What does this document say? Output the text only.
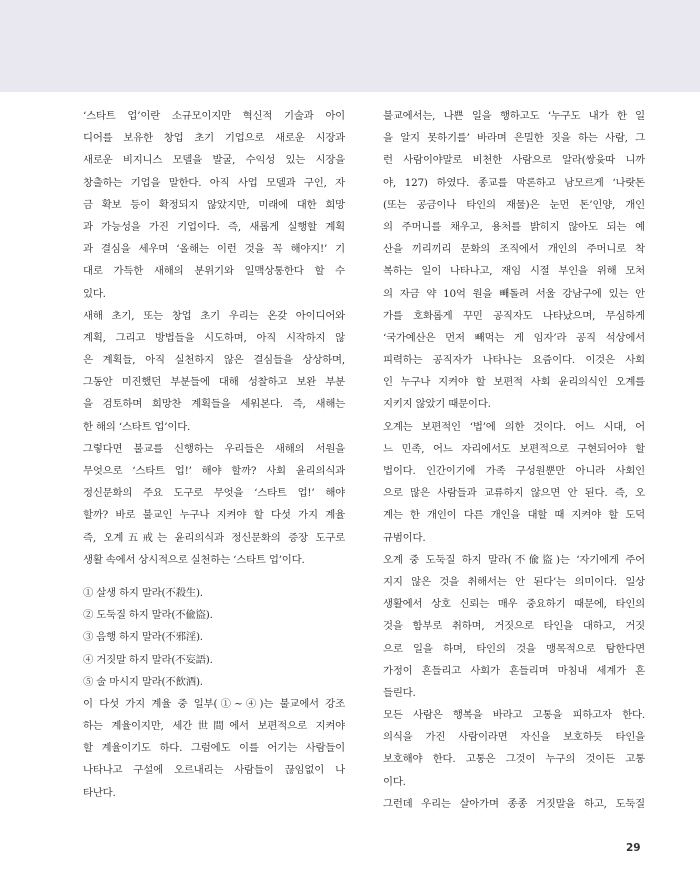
‘스타트 업’이란 소규모이지만 혁신적 기술과 아이
디어를 보유한 창업 초기 기업으로 새로운 시장과
새로운 비지니스 모델을 발굴, 수익성 있는 시장을
창출하는 기업을 말한다. 아직 사업 모델과 구인, 자
금 확보 등이 확정되지 않았지만, 미래에 대한 희망
과 가능성을 가진 기업이다. 즉, 새롭게 실행할 계획
과 결심을 세우며 ‘올해는 이런 것을 꼭 해야지!’ 기
대로 가득한 새해의 분위기와 일맥상통한다 할 수
있다.
새해 초기, 또는 창업 초기 우리는 온갖 아이디어와
계획, 그리고 방법들을 시도하며, 아직 시작하지 않
은 계획들, 아직 실천하지 않은 결심들을 상상하며,
그동안 미진했던 부분들에 대해 성찰하고 보완 부분
을 검토하며 희망찬 계획들을 세워본다. 즉, 새해는
한 해의 ‘스타트 업’이다.
그렇다면 불교를 신행하는 우리들은 새해의 서원을
무엇으로 ‘스타트 업!’ 해야 할까? 사회 윤리의식과
정신문화의 주요 도구로 무엇을 ‘스타트 업!’ 해야
할까? 바로 불교인 누구나 지켜야 할 다섯 가지 계율
즉, 오계五戒는 윤리의식과 정신문화의 증장 도구로
생활 속에서 상시적으로 실천하는 ‘스타트 업’이다.
① 살생 하지 말라(不殺生).
② 도둑질 하지 말라(不偸盜).
③ 음행 하지 말라(不邪淫).
④ 거짓말 하지 말라(不妄語).
⑤ 술 마시지 말라(不飮酒).
이 다섯 가지 계율 중 일부(①~④)는 불교에서 강조
하는 계율이지만, 세간世間에서 보편적으로 지켜야
할 계율이기도 하다. 그럼에도 이를 어기는 사람들이
나타나고 구설에 오르내리는 사람들이 끊임없이 나
타난다.
불교에서는, 나쁜 일을 행하고도 ‘누구도 내가 한 일
을 알지 못하기를’ 바라며 은밀한 짓을 하는 사람, 그
런 사람이야말로 비천한 사람으로 알라(쌍윳따 니까
야, 127) 하였다. 종교를 막론하고 남모르게 ‘나랏돈
(또는 공금이나 타인의 재물)은 눈먼 돈’인양, 개인
의 주머니를 채우고, 용처를 밝히지 않아도 되는 예
산을 끼리끼리 문화의 조직에서 개인의 주머니로 착
복하는 일이 나타나고, 재임 시절 부인을 위해 모처
의 자금 약 10억 원을 빼돌려 서울 강남구에 있는 안
가를 호화롭게 꾸민 공직자도 나타났으며, 무심하게
‘국가예산은 먼저 빼먹는 게 임자’라 공직 석상에서
피력하는 공직자가 나타나는 요즘이다. 이것은 사회
인 누구나 지켜야 할 보편적 사회 윤리의식인 오계를
지키지 않았기 때문이다.
오계는 보편적인 ‘법’에 의한 것이다. 어느 시대, 어
느 민족, 어느 자리에서도 보편적으로 구현되어야 할
법이다. 인간이기에 가족 구성원뿐만 아니라 사회인
으로 많은 사람들과 교류하지 않으면 안 된다. 즉, 오
계는 한 개인이 다른 개인을 대할 때 지켜야 할 도덕
규범이다.
오계 중 도둑질 하지 말라(不偸盜)는 ‘자기에게 주어
지지 않은 것을 취해서는 안 된다’는 의미이다. 일상
생활에서 상호 신뢰는 매우 중요하기 때문에, 타인의
것을 함부로 취하며, 거짓으로 타인을 대하고, 거짓
으로 일을 하며, 타인의 것을 맹목적으로 탐한다면
가정이 흔들리고 사회가 흔들리며 마침내 세계가 흔
들린다.
모든 사람은 행복을 바라고 고통을 피하고자 한다.
의식을 가진 사람이라면 자신을 보호하듯 타인을
보호해야 한다. 고통은 그것이 누구의 것이든 고통
이다.
그런데 우리는 살아가며 종종 거짓말을 하고, 도둑질
29
